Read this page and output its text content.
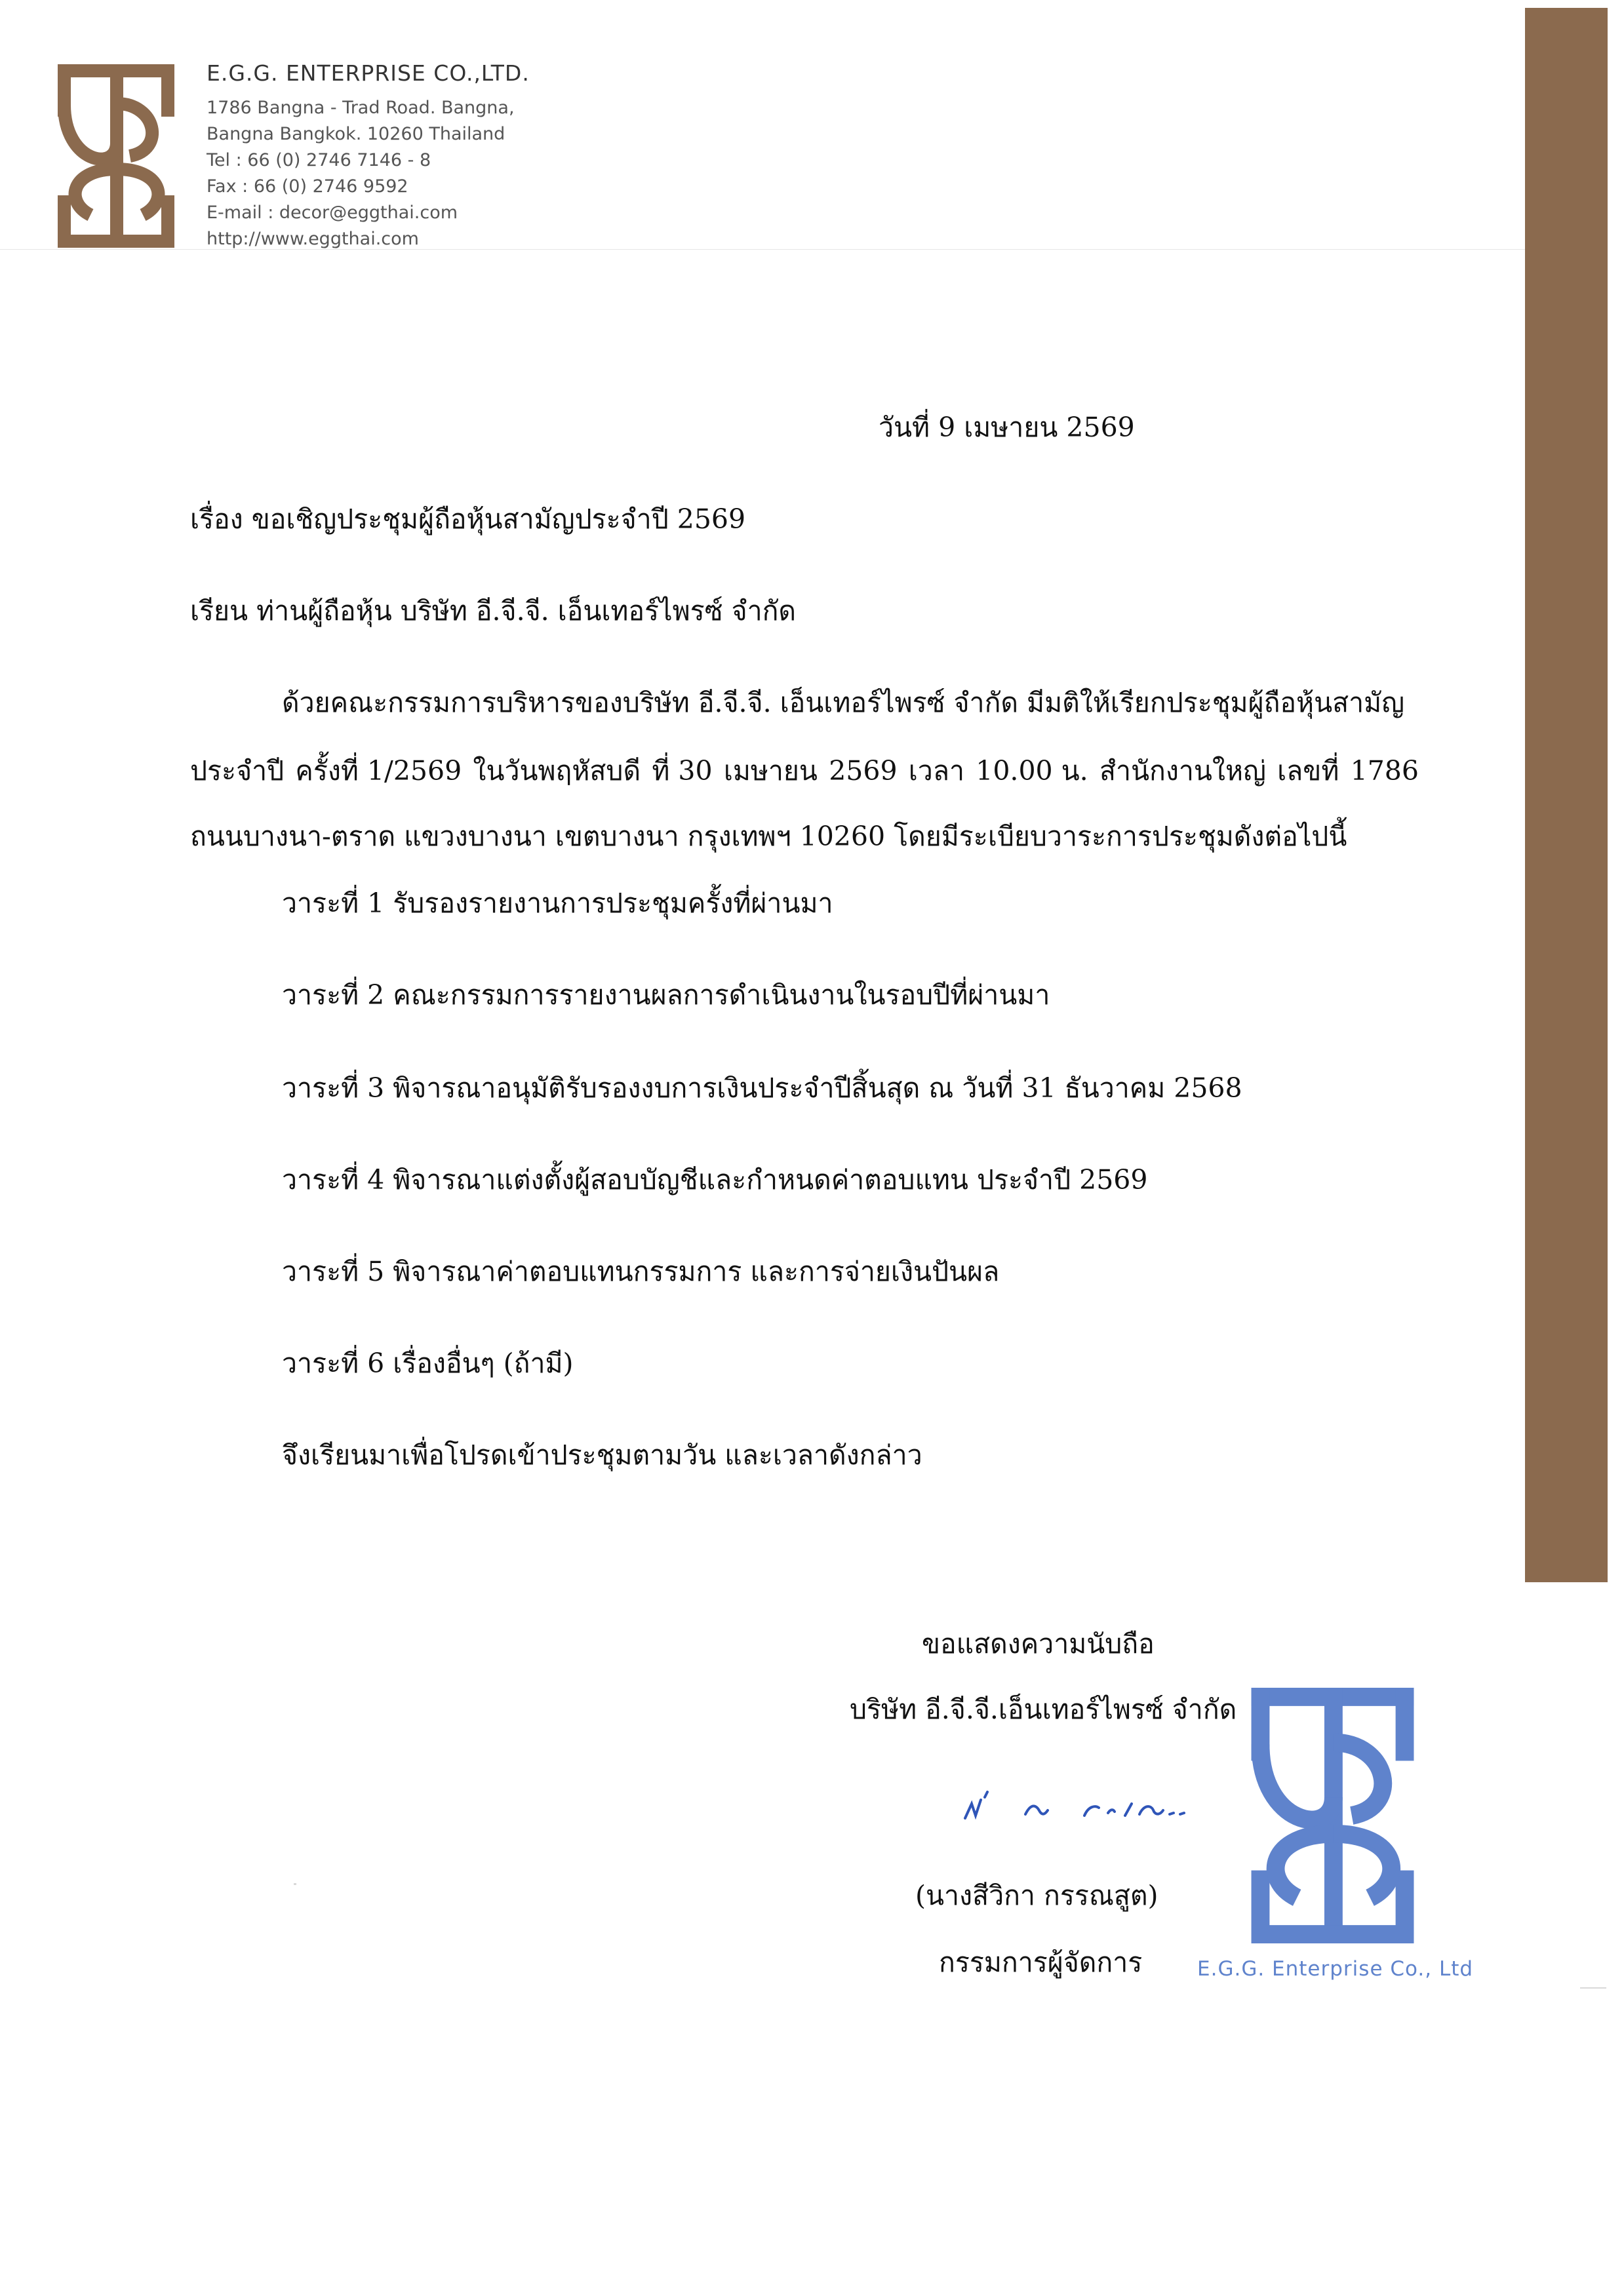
E.G.G. ENTERPRISE CO.,LTD.
1786 Bangna - Trad Road. Bangna,
Bangna Bangkok. 10260 Thailand
Tel : 66 (0) 2746 7146 - 8
Fax : 66 (0) 2746 9592
E-mail : decor@eggthai.com
http://www.eggthai.com
วันที่ 9 เมษายน 2569
เรื่อง ขอเชิญประชุมผู้ถือหุ้นสามัญประจำปี 2569
เรียน ท่านผู้ถือหุ้น บริษัท อี.จี.จี. เอ็นเทอร์ไพรซ์ จำกัด
ด้วยคณะกรรมการบริหารของบริษัท อี.จี.จี. เอ็นเทอร์ไพรซ์ จำกัด มีมติให้เรียกประชุมผู้ถือหุ้นสามัญ
ประจำปี ครั้งที่ 1/2569 ในวันพฤหัสบดี ที่ 30 เมษายน 2569 เวลา 10.00 น. สำนักงานใหญ่ เลขที่ 1786
ถนนบางนา-ตราด แขวงบางนา เขตบางนา กรุงเทพฯ 10260 โดยมีระเบียบวาระการประชุมดังต่อไปนี้
วาระที่ 1 รับรองรายงานการประชุมครั้งที่ผ่านมา
วาระที่ 2 คณะกรรมการรายงานผลการดำเนินงานในรอบปีที่ผ่านมา
วาระที่ 3 พิจารณาอนุมัติรับรองงบการเงินประจำปีสิ้นสุด ณ วันที่ 31 ธันวาคม 2568
วาระที่ 4 พิจารณาแต่งตั้งผู้สอบบัญชีและกำหนดค่าตอบแทน ประจำปี 2569
วาระที่ 5 พิจารณาค่าตอบแทนกรรมการ และการจ่ายเงินปันผล
วาระที่ 6 เรื่องอื่นๆ (ถ้ามี)
จึงเรียนมาเพื่อโปรดเข้าประชุมตามวัน และเวลาดังกล่าว
ขอแสดงความนับถือ
บริษัท อี.จี.จี.เอ็นเทอร์ไพรซ์ จำกัด
(นางสีวิกา กรรณสูต)
กรรมการผู้จัดการ	E.G.G. Enterprise Co., Ltd
